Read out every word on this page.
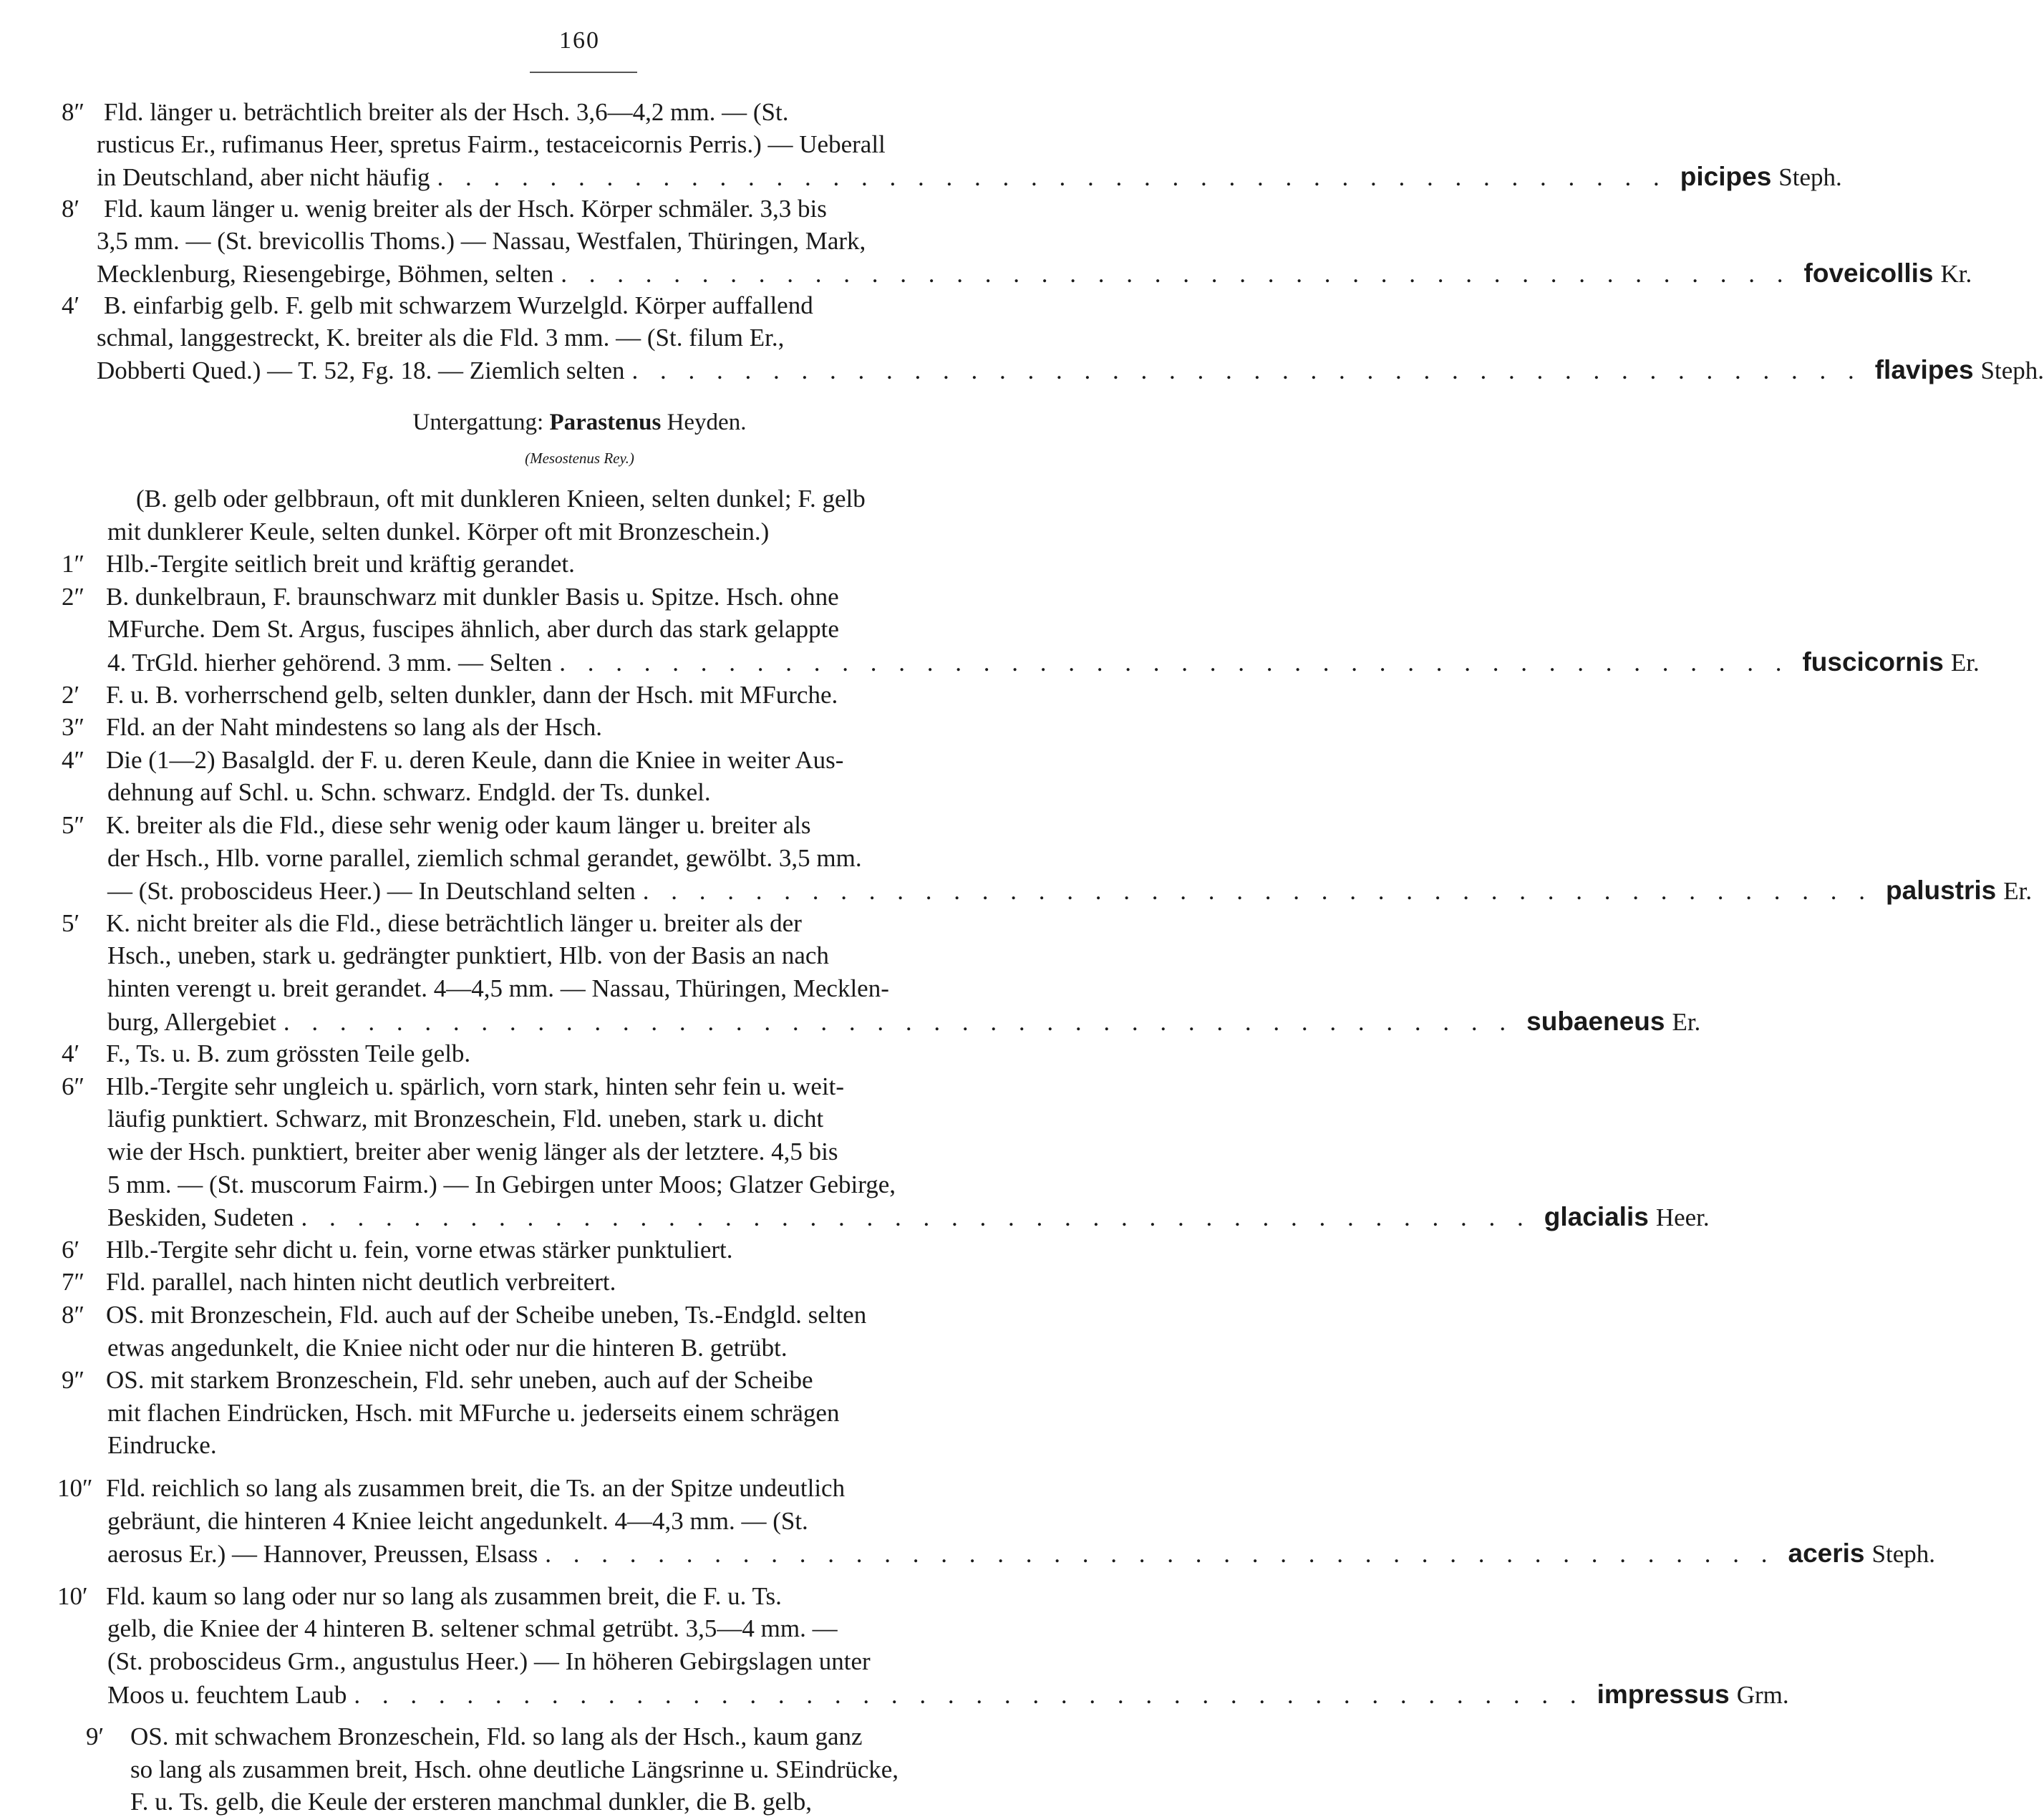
160
8″ Fld. länger u. beträchtlich breiter als der Hsch. 3,6—4,2 mm. — (St.
rusticus Er., rufimanus Heer, spretus Fairm., testaceicornis Perris.) — Ueberall
in Deutschland, aber nicht häufig . . . . . . . . . . . . . . . . . . . . . . . . . . . . . . . . . . . . . . . . . . . . picipes Steph.
8′ Fld. kaum länger u. wenig breiter als der Hsch. Körper schmäler. 3,3 bis
3,5 mm. — (St. brevicollis Thoms.) — Nassau, Westfalen, Thüringen, Mark,
Mecklenburg, Riesengebirge, Böhmen, selten . . . . . . . . . . . . . . . . . . . . . . . . . . . . . . . . . . . . . . . . . . . . foveicollis Kr.
4′ B. einfarbig gelb. F. gelb mit schwarzem Wurzelgld. Körper auffallend
schmal, langgestreckt, K. breiter als die Fld. 3 mm. — (St. filum Er.,
Dobberti Qued.) — T. 52, Fg. 18. — Ziemlich selten . . . . . . . . . . . . . . . . . . . . . . . . . . . . . . . . . . . . . . . . . . . . flavipes Steph.
Untergattung: Parastenus Heyden.
(Mesostenus Rey.)
(B. gelb oder gelbbraun, oft mit dunkleren Knieen, selten dunkel; F. gelb
mit dunklerer Keule, selten dunkel. Körper oft mit Bronzeschein.)
1″ Hlb.-Tergite seitlich breit und kräftig gerandet.
2″ B. dunkelbraun, F. braunschwarz mit dunkler Basis u. Spitze. Hsch. ohne
MFurche. Dem St. Argus, fuscipes ähnlich, aber durch das stark gelappte
4. TrGld. hierher gehörend. 3 mm. — Selten . . . . . . . . . . . . . . . . . . . . . . . . . . . . . . . . . . . . . . . . . . . . fuscicornis Er.
2′ F. u. B. vorherrschend gelb, selten dunkler, dann der Hsch. mit MFurche.
3″ Fld. an der Naht mindestens so lang als der Hsch.
4″ Die (1—2) Basalgld. der F. u. deren Keule, dann die Kniee in weiter Aus-
dehnung auf Schl. u. Schn. schwarz. Endgld. der Ts. dunkel.
5″ K. breiter als die Fld., diese sehr wenig oder kaum länger u. breiter als
der Hsch., Hlb. vorne parallel, ziemlich schmal gerandet, gewölbt. 3,5 mm.
— (St. proboscideus Heer.) — In Deutschland selten . . . . . . . . . . . . . . . . . . . . . . . . . . . . . . . . . . . . . . . . . . . . palustris Er.
5′ K. nicht breiter als die Fld., diese beträchtlich länger u. breiter als der
Hsch., uneben, stark u. gedrängter punktiert, Hlb. von der Basis an nach
hinten verengt u. breit gerandet. 4—4,5 mm. — Nassau, Thüringen, Mecklen-
burg, Allergebiet . . . . . . . . . . . . . . . . . . . . . . . . . . . . . . . . . . . . . . . . . . . . subaeneus Er.
4′ F., Ts. u. B. zum grössten Teile gelb.
6″ Hlb.-Tergite sehr ungleich u. spärlich, vorn stark, hinten sehr fein u. weit-
läufig punktiert. Schwarz, mit Bronzeschein, Fld. uneben, stark u. dicht
wie der Hsch. punktiert, breiter aber wenig länger als der letztere. 4,5 bis
5 mm. — (St. muscorum Fairm.) — In Gebirgen unter Moos; Glatzer Gebirge,
Beskiden, Sudeten . . . . . . . . . . . . . . . . . . . . . . . . . . . . . . . . . . . . . . . . . . . . glacialis Heer.
6′ Hlb.-Tergite sehr dicht u. fein, vorne etwas stärker punktuliert.
7″ Fld. parallel, nach hinten nicht deutlich verbreitert.
8″ OS. mit Bronzeschein, Fld. auch auf der Scheibe uneben, Ts.-Endgld. selten
etwas angedunkelt, die Kniee nicht oder nur die hinteren B. getrübt.
9″ OS. mit starkem Bronzeschein, Fld. sehr uneben, auch auf der Scheibe
mit flachen Eindrücken, Hsch. mit MFurche u. jederseits einem schrägen
Eindrucke.
10″ Fld. reichlich so lang als zusammen breit, die Ts. an der Spitze undeutlich
gebräunt, die hinteren 4 Kniee leicht angedunkelt. 4—4,3 mm. — (St.
aerosus Er.) — Hannover, Preussen, Elsass . . . . . . . . . . . . . . . . . . . . . . . . . . . . . . . . . . . . . . . . . . . . aceris Steph.
10′ Fld. kaum so lang oder nur so lang als zusammen breit, die F. u. Ts.
gelb, die Kniee der 4 hinteren B. seltener schmal getrübt. 3,5—4 mm. —
(St. proboscideus Grm., angustulus Heer.) — In höheren Gebirgslagen unter
Moos u. feuchtem Laub . . . . . . . . . . . . . . . . . . . . . . . . . . . . . . . . . . . . . . . . . . . . impressus Grm.
9′ OS. mit schwachem Bronzeschein, Fld. so lang als der Hsch., kaum ganz
so lang als zusammen breit, Hsch. ohne deutliche Längsrinne u. SEindrücke,
F. u. Ts. gelb, die Keule der ersteren manchmal dunkler, die B. gelb,
